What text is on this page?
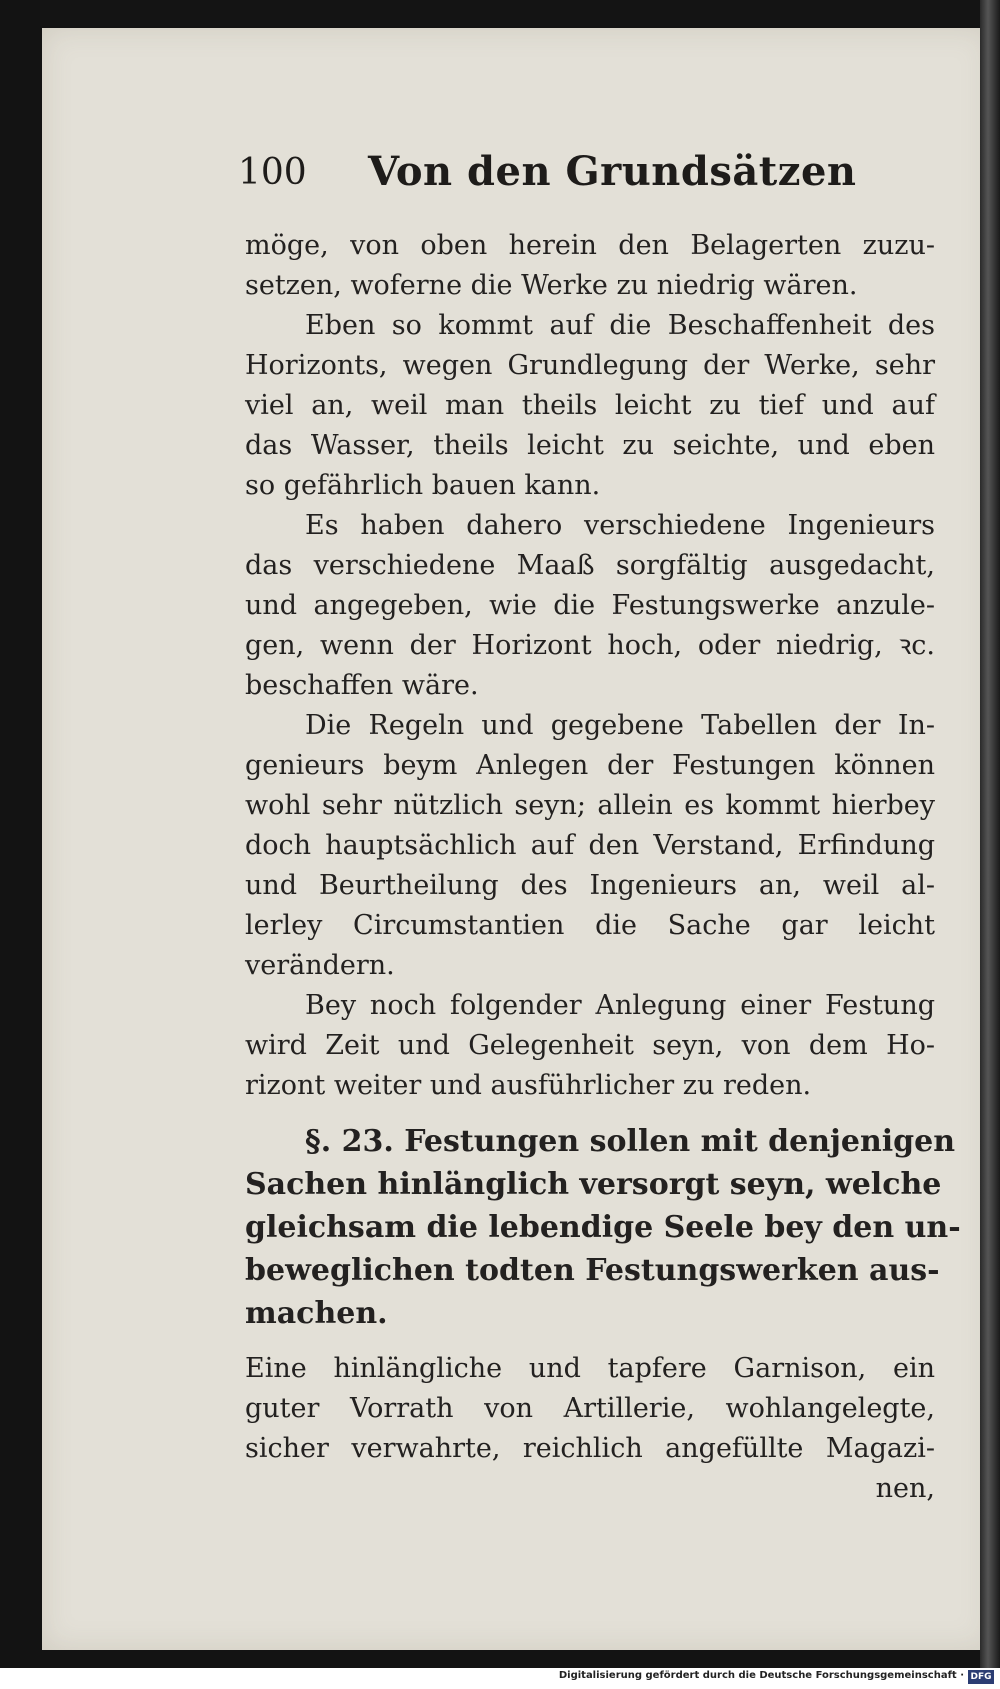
100 Von den Grundsätzen
möge, von oben herein den Belagerten zuzu-
setzen, woferne die Werke zu niedrig wären.
Eben so kommt auf die Beschaffenheit des
Horizonts, wegen Grundlegung der Werke, sehr
viel an, weil man theils leicht zu tief und auf
das Wasser, theils leicht zu seichte, und eben
so gefährlich bauen kann.
Es haben dahero verschiedene Ingenieurs
das verschiedene Maaß sorgfältig ausgedacht,
und angegeben, wie die Festungswerke anzule-
gen, wenn der Horizont hoch, oder niedrig, ꝛc.
beschaffen wäre.
Die Regeln und gegebene Tabellen der In-
genieurs beym Anlegen der Festungen können
wohl sehr nützlich seyn; allein es kommt hierbey
doch hauptsächlich auf den Verstand, Erfindung
und Beurtheilung des Ingenieurs an, weil al-
lerley Circumstantien die Sache gar leicht
verändern.
Bey noch folgender Anlegung einer Festung
wird Zeit und Gelegenheit seyn, von dem Ho-
rizont weiter und ausführlicher zu reden.
§. 23. Festungen sollen mit denjenigen
Sachen hinlänglich versorgt seyn, welche
gleichsam die lebendige Seele bey den un-
beweglichen todten Festungswerken aus-
machen.
Eine hinlängliche und tapfere Garnison, ein
guter Vorrath von Artillerie, wohlangelegte,
sicher verwahrte, reichlich angefüllte Magazi-
nen,
Digitalisierung gefördert durch die Deutsche Forschungsgemeinschaft · DFG
